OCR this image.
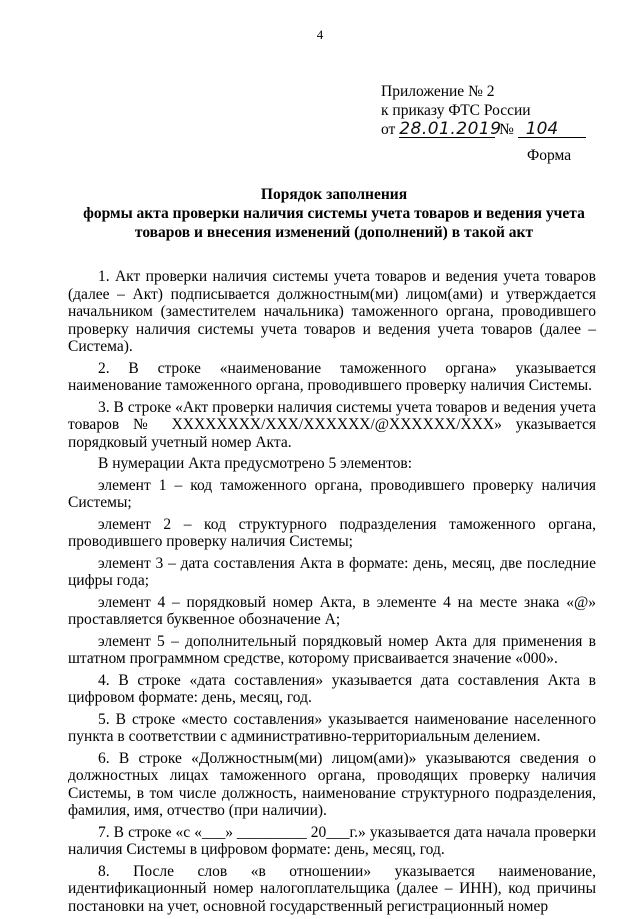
4
Приложение № 2
к приказу ФТС России
от 28.01.2019 № 104
Форма
Порядок заполнения
формы акта проверки наличия системы учета товаров и ведения учета
товаров и внесения изменений (дополнений) в такой акт

1. Акт проверки наличия системы учета товаров и ведения учета товаров (далее – Акт) подписывается должностным(ми) лицом(ами) и утверждается начальником (заместителем начальника) таможенного органа, проводившего проверку наличия системы учета товаров и ведения учета товаров (далее – Система).

2. В строке «наименование таможенного органа» указывается наименование таможенного органа, проводившего проверку наличия Системы.

3. В строке «Акт проверки наличия системы учета товаров и ведения учета товаров № XXXXXXXX/XXX/XXXXXX/@XXXXXX/XXX» указывается порядковый учетный номер Акта.

В нумерации Акта предусмотрено 5 элементов:

элемент 1 – код таможенного органа, проводившего проверку наличия Системы;

элемент 2 – код структурного подразделения таможенного органа, проводившего проверку наличия Системы;

элемент 3 – дата составления Акта в формате: день, месяц, две последние цифры года;

элемент 4 – порядковый номер Акта, в элементе 4 на месте знака «@» проставляется буквенное обозначение А;

элемент 5 – дополнительный порядковый номер Акта для применения в штатном программном средстве, которому присваивается значение «000».

4. В строке «дата составления» указывается дата составления Акта в цифровом формате: день, месяц, год.

5. В строке «место составления» указывается наименование населенного пункта в соответствии с административно-территориальным делением.

6. В строке «Должностным(ми) лицом(ами)» указываются сведения о должностных лицах таможенного органа, проводящих проверку наличия Системы, в том числе должность, наименование структурного подразделения, фамилия, имя, отчество (при наличии).

7. В строке «с «___» _________ 20___г.» указывается дата начала проверки наличия Системы в цифровом формате: день, месяц, год.

8. После слов «в отношении» указывается наименование, идентификационный номер налогоплательщика (далее – ИНН), код причины постановки на учет, основной государственный регистрационный номер
